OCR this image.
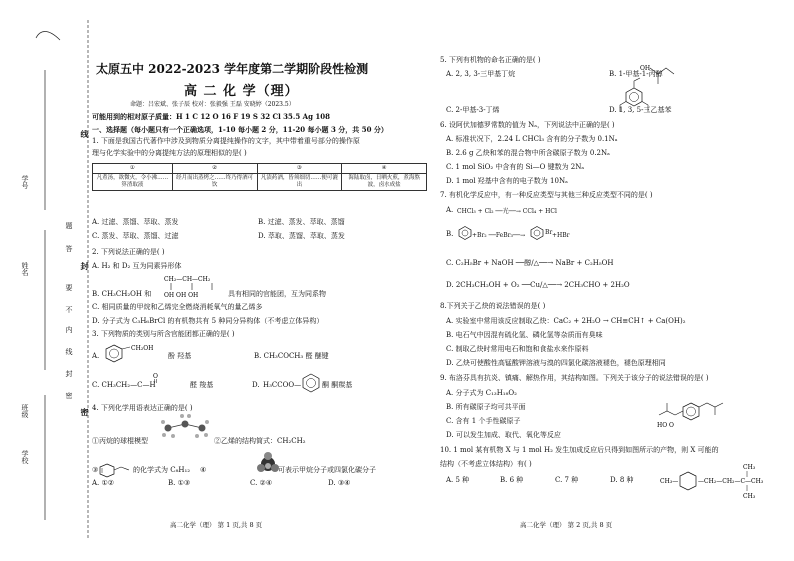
学号
姓名
班级
学校
线
封
密
题
答
要
不
内
线
封
密
太原五中 2022-2023 学年度第二学期阶段性检测
高 二 化 学（理）
命题：吕宏斌、张子辰 校对：张毅强 王磊 安晓婷（2023.5）
可能用到的相对原子质量：H 1 C 12 O 16 F 19 S 32 Cl 35.5 Ag 108
一、选择题（每小题只有一个正确选项，1-10 每小题 2 分，11-20 每小题 3 分，共 50 分）
1. 下面是我国古代著作中涉及到物质分离提纯操作的文字，其中带着重号部分的操作原
理与化学实验中的分离提纯方法的原理相似的是( )
①	②	③	④
凡煮汤，欲微火，令小沸……箅渣取液	经月而出蒸烤之……终乃得酒可饮	凡渍药酒，皆须细切……便可漉出	海陆取卤，日晒火煎，煮海熬波，卤水成盐
A. 过滤、蒸馏、萃取、蒸发	B. 过滤、蒸发、萃取、蒸馏
C. 蒸发、萃取、蒸馏、过滤	D. 萃取、蒸馏、萃取、蒸发
2. 下列说法正确的是( )
A. H₂ 和 D₂ 互为同素异形体
B. CH₃CH₂OH 和
CH₂—CH—CH₂
OH OH OH	具有相同的官能团，互为同系物
C. 相同质量的甲烷和乙烯完全燃烧消耗氧气的量乙烯多
D. 分子式为 C₃H₆BrCl 的有机物共有 5 种同分异构体（不考虑立体异构）
3. 下列物质的类别与所含官能团都正确的是( )
A.
CH₂OH
酚 羟基	B. CH₃COCH₃ 醛 醚键
C. CH₃CH₂—C—H
O
醛 羧基	D. H₃CCOO—	酮 酮羰基
4. 下列化学用语表达正确的是( )
①丙烷的球棍模型	②乙烯的结构简式：CH₂CH₂
③	的化学式为 C₈H₁₂ ④	可表示甲烷分子或四氯化碳分子
A. ①②	B. ①③	C. ②④	D. ③④
高二化学（理） 第 1 页,共 8 页
5. 下列有机物的命名正确的是( )
A. 2, 3, 3-三甲基丁烷
OH
B. 1-甲基-1-丙醇
C. 2-甲基-3-丁烯	D. 1, 3, 5-三乙基苯
6. 设阿伏加德罗常数的值为 Nₐ，下列说法中正确的是( )
A. 标准状况下，2.24 L CHCl₃ 含有的分子数为 0.1Nₐ
B. 2.6 g 乙炔和苯的混合物中所含碳原子数为 0.2Nₐ
C. 1 mol SiO₂ 中含有的 Si—O 键数为 2Nₐ
D. 1 mol 羟基中含有的电子数为 10Nₐ
7. 有机化学反应中，有一种反应类型与其他三种反应类型不同的是( )
A. CHCl₃ + Cl₂ ──光──→ CCl₄ + HCl
B.	+Br₂ ──FeBr₃──→	Br +HBr
C. C₂H₅Br + NaOH ──醇/△──→ NaBr + C₂H₅OH
D. 2CH₃CH₂OH + O₂ ──Cu/△──→ 2CH₃CHO + 2H₂O
8.下列关于乙炔的说法错误的是( )
A. 实验室中常用该反应制取乙炔：CaC₂ + 2H₂O → CH≡CH↑ + Ca(OH)₂
B. 电石气中因混有硫化氢、磷化氢等杂质而有臭味
C. 制取乙炔时常用电石和饱和食盐水来作原料
D. 乙炔可使酸性高锰酸钾溶液与溴的四氯化碳溶液褪色，褪色原理相同
9. 布洛芬具有抗炎、镇痛、解热作用，其结构如图。下列关于该分子的说法错误的是( )
A. 分子式为 C₁₃H₁₈O₂
B. 所有碳原子均可共平面
C. 含有 1 个手性碳原子
D. 可以发生加成、取代、氧化等反应
HO O
10. 1 mol 某有机物 X 与 1 mol H₂ 发生加成反应后只得到如图所示的产物，则 X 可能的
结构（不考虑立体结构）有( )
A. 5 种	B. 6 种	C. 7 种	D. 8 种	CH₃—	—CH₂—CH₂—C—CH₃
CH₃
CH₃
高二化学（理） 第 2 页,共 8 页
